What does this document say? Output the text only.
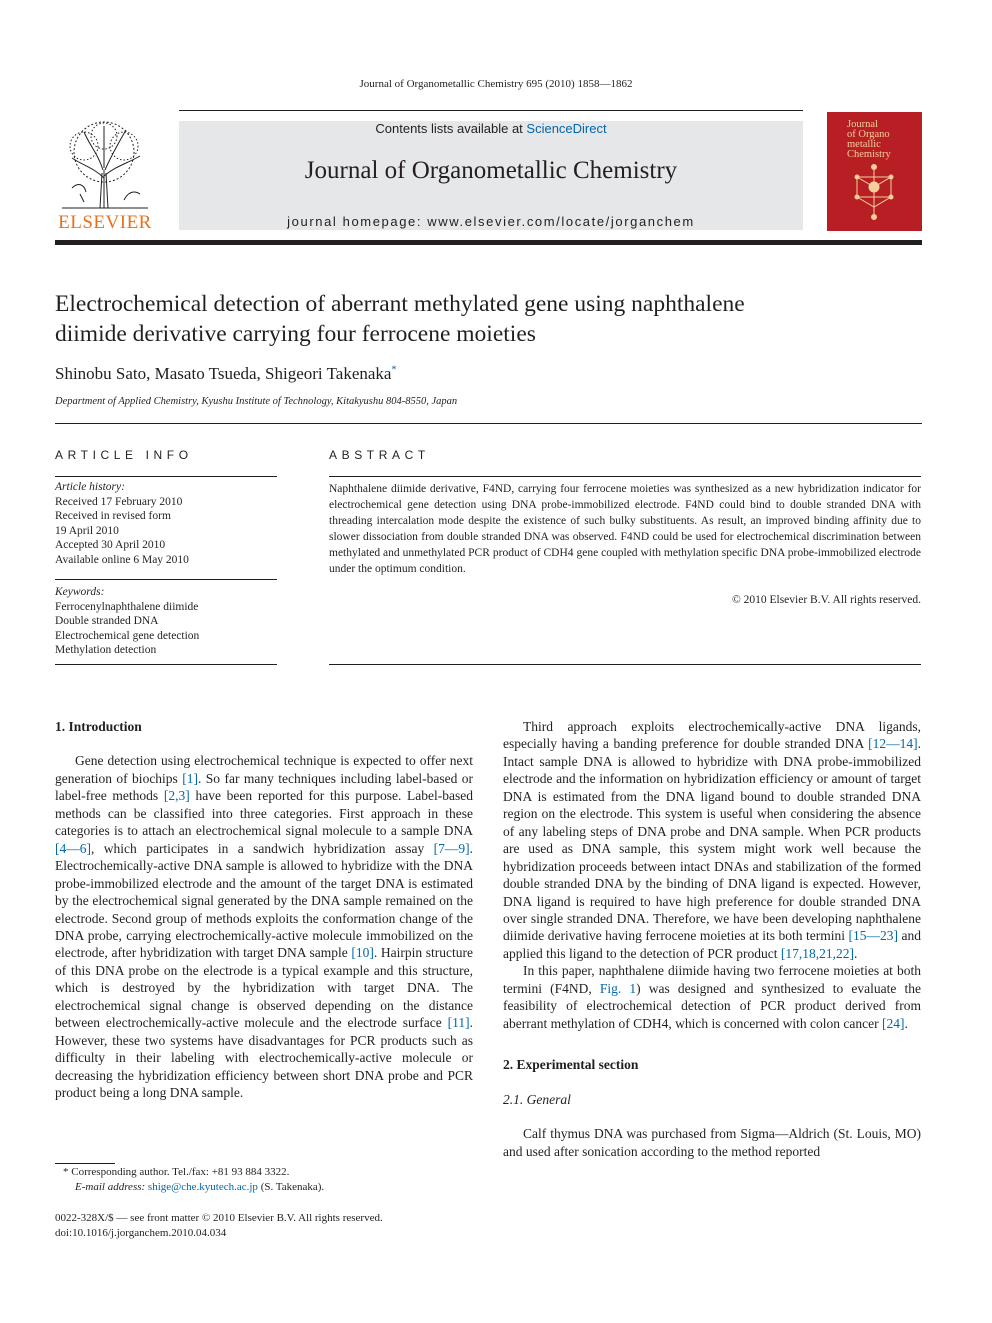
Journal of Organometallic Chemistry 695 (2010) 1858—1862
ELSEVIER
Contents lists available at ScienceDirect
Journal of Organometallic Chemistry
journal homepage: www.elsevier.com/locate/jorganchem
Journal
of Organo
metallic
Chemistry
Electrochemical detection of aberrant methylated gene using naphthalene
diimide derivative carrying four ferrocene moieties
Shinobu Sato, Masato Tsueda, Shigeori Takenaka*
Department of Applied Chemistry, Kyushu Institute of Technology, Kitakyushu 804-8550, Japan
ARTICLE INFO
Article history:
Received 17 February 2010
Received in revised form
19 April 2010
Accepted 30 April 2010
Available online 6 May 2010
Keywords:
Ferrocenylnaphthalene diimide
Double stranded DNA
Electrochemical gene detection
Methylation detection
ABSTRACT
Naphthalene diimide derivative, F4ND, carrying four ferrocene moieties was synthesized as a new hybridization indicator for electrochemical gene detection using DNA probe-immobilized electrode. F4ND could bind to double stranded DNA with threading intercalation mode despite the existence of such bulky substituents. As result, an improved binding affinity due to slower dissociation from double stranded DNA was observed. F4ND could be used for electrochemical discrimination between methylated and unmethylated PCR product of CDH4 gene coupled with methylation specific DNA probe-immobilized electrode under the optimum condition.
© 2010 Elsevier B.V. All rights reserved.
1. Introduction

Gene detection using electrochemical technique is expected to offer next generation of biochips [1]. So far many techniques including label-based or label-free methods [2,3] have been reported for this purpose. Label-based methods can be classified into three categories. First approach in these categories is to attach an electrochemical signal molecule to a sample DNA [4—6], which participates in a sandwich hybridization assay [7—9]. Electrochemically-active DNA sample is allowed to hybridize with the DNA probe-immobilized electrode and the amount of the target DNA is estimated by the electrochemical signal generated by the DNA sample remained on the electrode. Second group of methods exploits the conformation change of the DNA probe, carrying electrochemically-active molecule immobilized on the electrode, after hybridization with target DNA sample [10]. Hairpin structure of this DNA probe on the electrode is a typical example and this structure, which is destroyed by the hybridization with target DNA. The electrochemical signal change is observed depending on the distance between electrochemically-active molecule and the electrode surface [11]. However, these two systems have disadvantages for PCR products such as difficulty in their labeling with electrochemically-active molecule or decreasing the hybridization efficiency between short DNA probe and PCR product being a long DNA sample.

* Corresponding author. Tel./fax: +81 93 884 3322.
E-mail address: shige@che.kyutech.ac.jp (S. Takenaka).
0022-328X/$ — see front matter © 2010 Elsevier B.V. All rights reserved.
doi:10.1016/j.jorganchem.2010.04.034

Third approach exploits electrochemically-active DNA ligands, especially having a banding preference for double stranded DNA [12—14]. Intact sample DNA is allowed to hybridize with DNA probe-immobilized electrode and the information on hybridization efficiency or amount of target DNA is estimated from the DNA ligand bound to double stranded DNA region on the electrode. This system is useful when considering the absence of any labeling steps of DNA probe and DNA sample. When PCR products are used as DNA sample, this system might work well because the hybridization proceeds between intact DNAs and stabilization of the formed double stranded DNA by the binding of DNA ligand is expected. However, DNA ligand is required to have high preference for double stranded DNA over single stranded DNA. Therefore, we have been developing naphthalene diimide derivative having ferrocene moieties at its both termini [15—23] and applied this ligand to the detection of PCR product [17,18,21,22].

In this paper, naphthalene diimide having two ferrocene moieties at both termini (F4ND, Fig. 1) was designed and synthesized to evaluate the feasibility of electrochemical detection of PCR product derived from aberrant methylation of CDH4, which is concerned with colon cancer [24].

2. Experimental section
2.1. General

Calf thymus DNA was purchased from Sigma—Aldrich (St. Louis, MO) and used after sonication according to the method reported
